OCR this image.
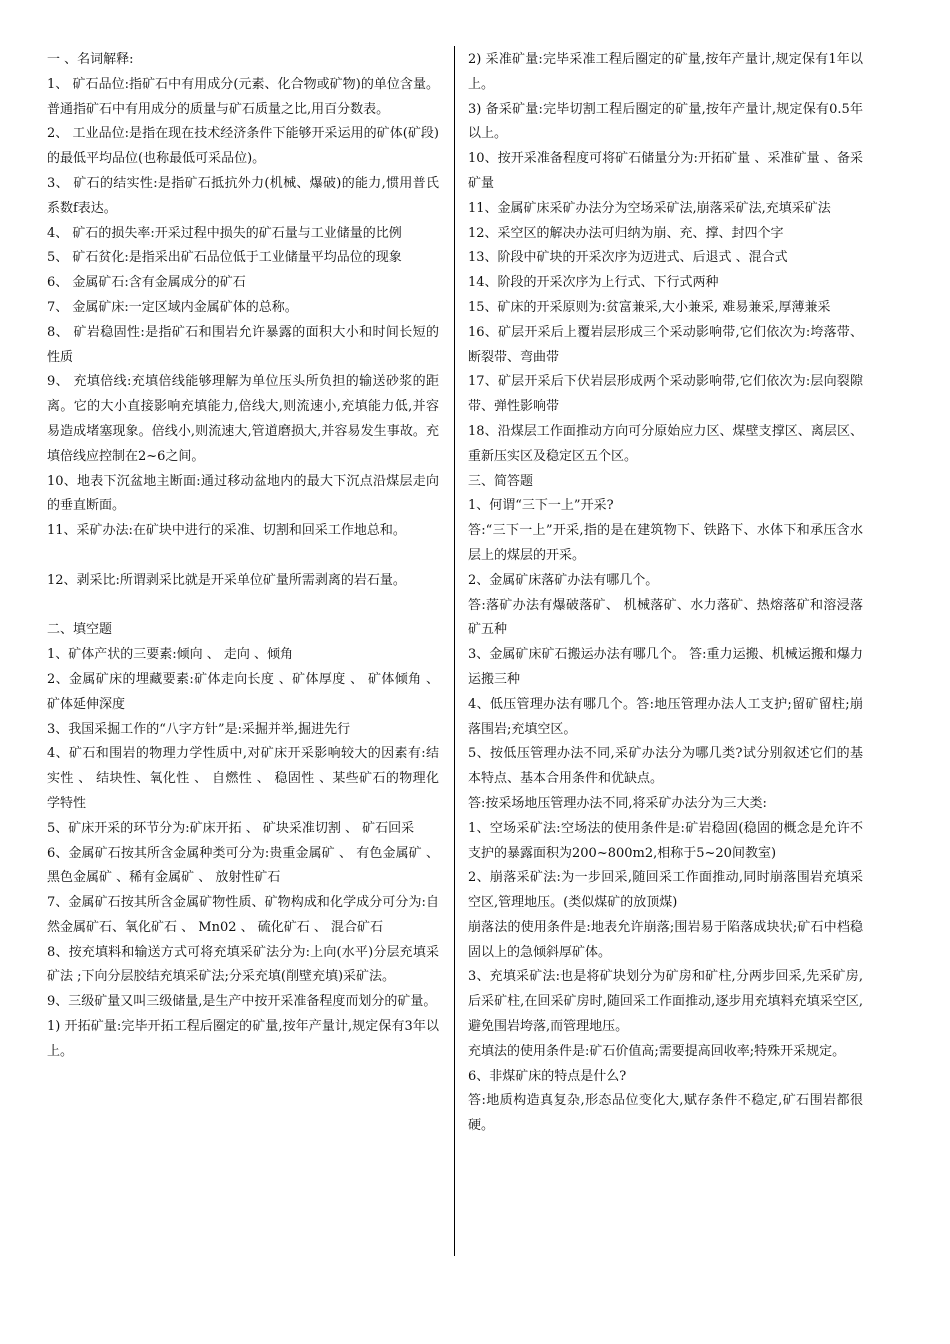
一 、名词解释:

1、 矿石品位:指矿石中有用成分(元素、化合物或矿物)的单位含量。普通指矿石中有用成分的质量与矿石质量之比,用百分数表。

2、 工业品位:是指在现在技术经济条件下能够开采运用的矿体(矿段)的最低平均品位(也称最低可采品位)。

3、 矿石的结实性:是指矿石抵抗外力(机械、爆破)的能力,惯用普氏系数f表达。

4、 矿石的损失率:开采过程中损失的矿石量与工业储量的比例

5、 矿石贫化:是指采出矿石品位低于工业储量平均品位的现象

6、 金属矿石:含有金属成分的矿石

7、 金属矿床:一定区域内金属矿体的总称。

8、 矿岩稳固性:是指矿石和围岩允许暴露的面积大小和时间长短的性质

9、 充填倍线:充填倍线能够理解为单位压头所负担的输送砂浆的距离。它的大小直接影响充填能力,倍线大,则流速小,充填能力低,并容易造成堵塞现象。倍线小,则流速大,管道磨损大,并容易发生事故。充填倍线应控制在2~6之间。

10、地表下沉盆地主断面:通过移动盆地内的最大下沉点沿煤层走向的垂直断面。

11、采矿办法:在矿块中进行的采准、切割和回采工作地总和。

12、剥采比:所谓剥采比就是开采单位矿量所需剥离的岩石量。

二、填空题

1、矿体产状的三要素:倾向 、 走向 、倾角

2、金属矿床的埋藏要素:矿体走向长度 、矿体厚度 、 矿体倾角 、矿体延伸深度

3、我国采掘工作的“八字方针”是:采掘并举,掘进先行

4、矿石和围岩的物理力学性质中,对矿床开采影响较大的因素有:结实性 、 结块性、氧化性 、 自燃性 、 稳固性 、某些矿石的物理化学特性

5、矿床开采的环节分为:矿床开拓 、 矿块采准切割 、 矿石回采

6、金属矿石按其所含金属种类可分为:贵重金属矿 、 有色金属矿 、 黑色金属矿 、稀有金属矿 、 放射性矿石

7、金属矿石按其所含金属矿物性质、矿物构成和化学成分可分为:自然金属矿石、氧化矿石 、 Mn02 、 硫化矿石 、 混合矿石

8、按充填料和输送方式可将充填采矿法分为:上向(水平)分层充填采矿法 ;下向分层胶结充填采矿法;分采充填(削壁充填)采矿法。

9、三级矿量又叫三级储量,是生产中按开采准备程度而划分的矿量。

1) 开拓矿量:完毕开拓工程后圈定的矿量,按年产量计,规定保有3年以上。

2) 采准矿量:完毕采准工程后圈定的矿量,按年产量计,规定保有1年以上。

3) 备采矿量:完毕切割工程后圈定的矿量,按年产量计,规定保有0.5年以上。

10、按开采准备程度可将矿石储量分为:开拓矿量 、采准矿量 、备采矿量

11、金属矿床采矿办法分为空场采矿法,崩落采矿法,充填采矿法

12、采空区的解决办法可归纳为崩、充、撑、封四个字

13、阶段中矿块的开采次序为迈进式、后退式 、混合式

14、阶段的开采次序为上行式、下行式两种

15、矿床的开采原则为:贫富兼采,大小兼采, 难易兼采,厚薄兼采

16、矿层开采后上覆岩层形成三个采动影响带,它们依次为:垮落带、断裂带、弯曲带

17、矿层开采后下伏岩层形成两个采动影响带,它们依次为:层向裂隙带、弹性影响带

18、沿煤层工作面推动方向可分原始应力区、煤壁支撑区、离层区、重新压实区及稳定区五个区。

三、简答题

1、何谓“三下一上”开采?

答:“三下一上”开采,指的是在建筑物下、铁路下、水体下和承压含水层上的煤层的开采。

2、金属矿床落矿办法有哪几个。

答:落矿办法有爆破落矿、 机械落矿、水力落矿、热熔落矿和溶浸落矿五种

3、金属矿床矿石搬运办法有哪几个。 答:重力运搬、机械运搬和爆力运搬三种

4、低压管理办法有哪几个。答:地压管理办法人工支护;留矿留柱;崩落围岩;充填空区。

5、按低压管理办法不同,采矿办法分为哪几类?试分别叙述它们的基本特点、基本合用条件和优缺点。

答:按采场地压管理办法不同,将采矿办法分为三大类:

1、空场采矿法:空场法的使用条件是:矿岩稳固(稳固的概念是允许不支护的暴露面积为200~800m2,相称于5~20间教室)

2、崩落采矿法:为一步回采,随回采工作面推动,同时崩落围岩充填采空区,管理地压。(类似煤矿的放顶煤)

崩落法的使用条件是:地表允许崩落;围岩易于陷落成块状;矿石中档稳固以上的急倾斜厚矿体。

3、充填采矿法:也是将矿块划分为矿房和矿柱,分两步回采,先采矿房,后采矿柱,在回采矿房时,随回采工作面推动,逐步用充填料充填采空区,避免围岩垮落,而管理地压。

充填法的使用条件是:矿石价值高;需要提高回收率;特殊开采规定。

6、非煤矿床的特点是什么?

答:地质构造真复杂,形态品位变化大,赋存条件不稳定,矿石围岩都很硬。
